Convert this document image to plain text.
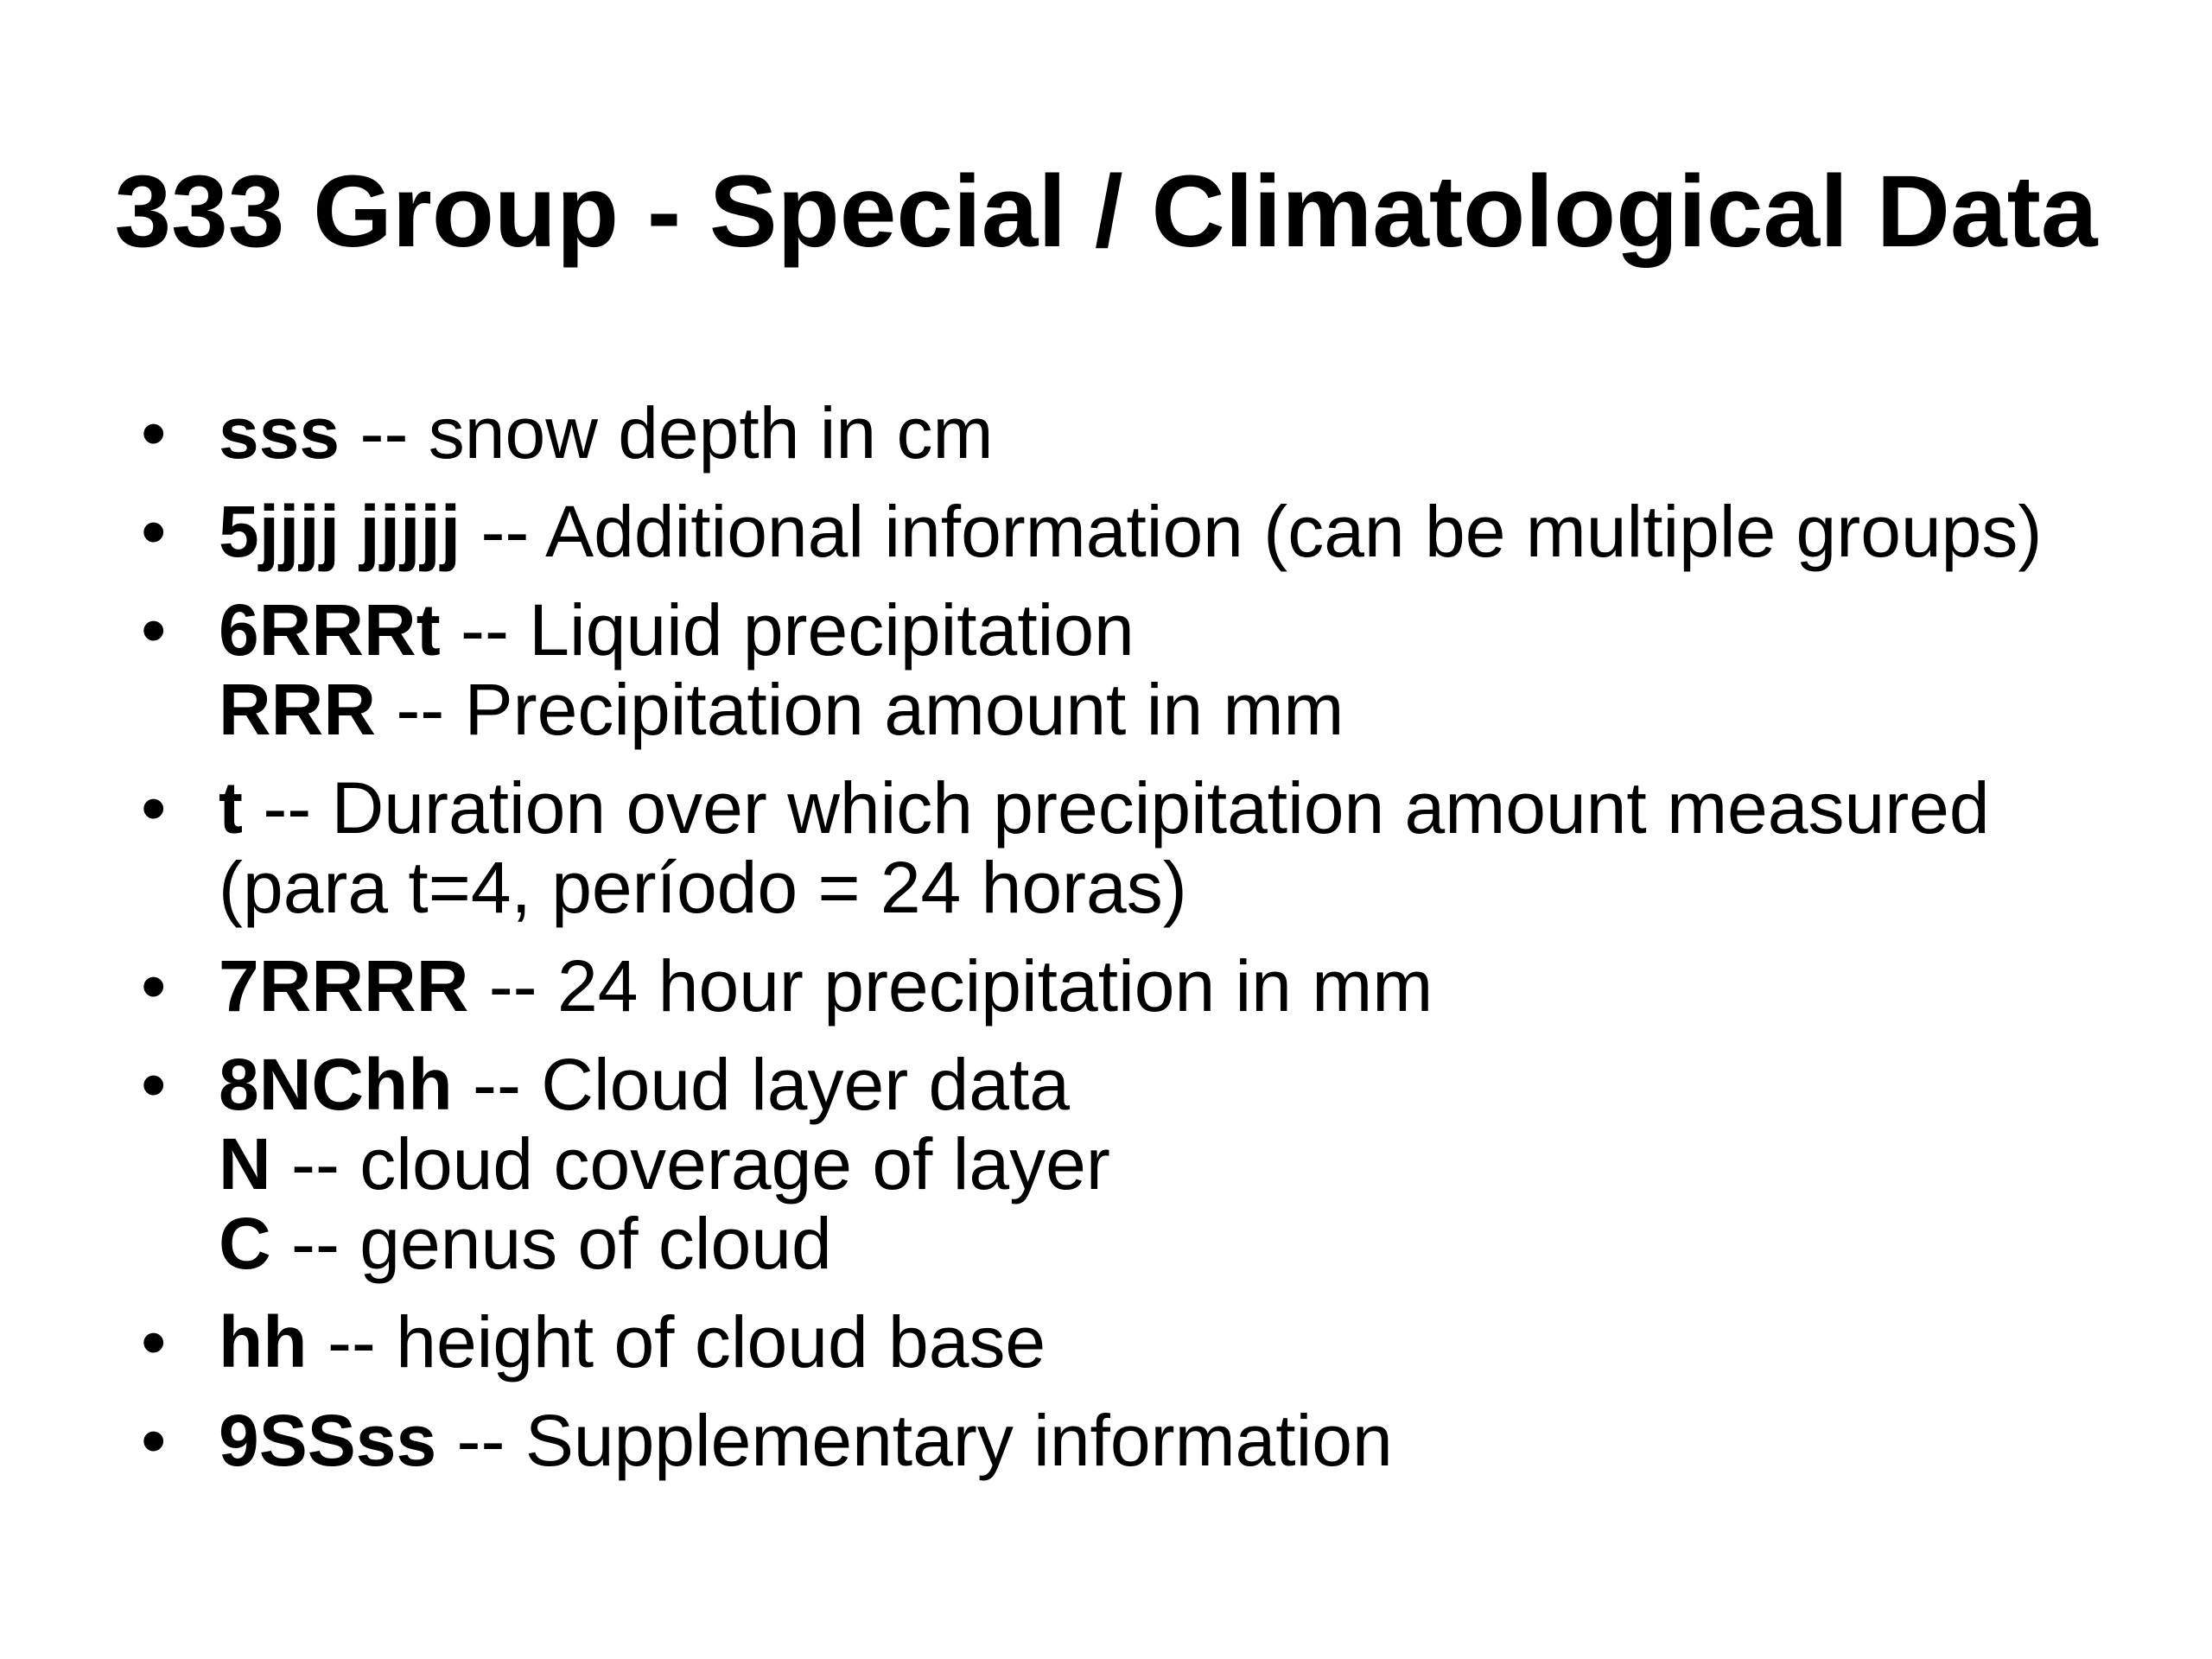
333 Group - Special / Climatological Data
• sss -- snow depth in cm
• 5jjjj jjjjj -- Additional information (can be multiple groups)
• 6RRRt -- Liquid precipitation
RRR -- Precipitation amount in mm
• t -- Duration over which precipitation amount measured
(para t=4, período = 24 horas)
• 7RRRR -- 24 hour precipitation in mm
• 8NChh -- Cloud layer data
N -- cloud coverage of layer
C -- genus of cloud
• hh -- height of cloud base
• 9SSss -- Supplementary information
